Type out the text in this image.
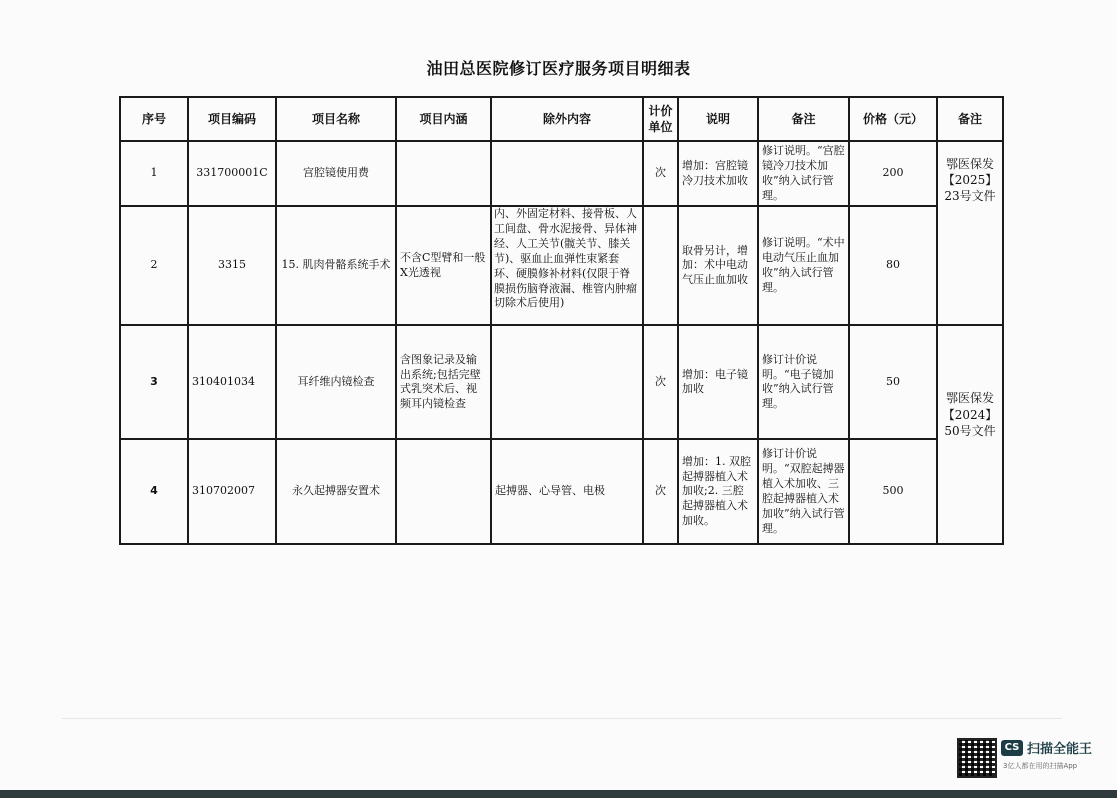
油田总医院修订医疗服务项目明细表
序号	项目编码	项目名称	项目内涵	除外内容	计价单位	说明	备注	价格（元）	备注
1	331700001C	宫腔镜使用费			次	增加：宫腔镜冷刀技术加收	修订说明。“宫腔镜冷刀技术加收”纳入试行管理。	200	鄂医保发【2025】23号文件
2	3315	15. 肌肉骨骼系统手术	不含C型臂和一般X光透视	内、外固定材料、接骨板、人工间盘、骨水泥接骨、异体神经、人工关节(髋关节、膝关节)、驱血止血弹性束紧套环、硬膜修补材料(仅限于脊膜损伤脑脊液漏、椎管内肿瘤切除术后使用)		取骨另计，增加：术中电动气压止血加收	修订说明。“术中电动气压止血加收”纳入试行管理。	80	
3	310401034	耳纤维内镜检查	含图象记录及输出系统;包括完壁式乳突术后、视频耳内镜检查		次	增加：电子镜加收	修订计价说明。“电子镜加收”纳入试行管理。	50	鄂医保发【2024】50号文件
4	310702007	永久起搏器安置术		起搏器、心导管、电极	次	增加：1. 双腔起搏器植入术加收;2. 三腔起搏器植入术加收。	修订计价说明。“双腔起搏器植入术加收、三腔起搏器植入术加收”纳入试行管理。	500	
CS 扫描全能王
3亿人都在用的扫描App
